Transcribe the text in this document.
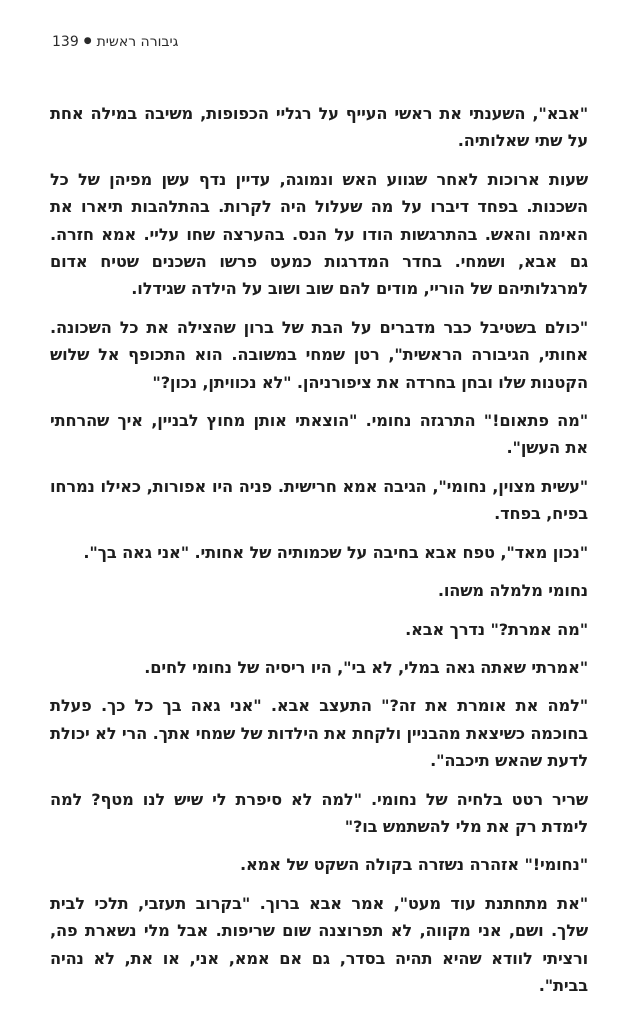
139 ● גיבורה ראשית

"אבא", השענתי את ראשי העייף על רגליי הכפופות, משיבה במילה אחת על שתי שאלותיה.

שעות ארוכות לאחר שגווע האש ונמוגה, עדיין נדף עשן מפיהן של כל השכנות. בפחד דיברו על מה שעלול היה לקרות. בהתלהבות תיארו את האימה והאש. בהתרגשות הודו על הנס. בהערצה שחו עליי. אמא חזרה. גם אבא, ושמחי. בחדר המדרגות כמעט פרשו השכנים שטיח אדום למרגלותיהם של הוריי, מודים להם שוב ושוב על הילדה שגידלו.

"כולם בשטיבל כבר מדברים על הבת של ברון שהצילה את כל השכונה. אחותי, הגיבורה הראשית", רטן שמחי במשובה. הוא התכופף אל שלוש הקטנות שלו ובחן בחרדה את ציפורניהן. "לא נכוויתן, נכון?"

"מה פתאום!" התרגזה נחומי. "הוצאתי אותן מחוץ לבניין, איך שהרחתי את העשן".

"עשית מצוין, נחומי", הגיבה אמא חרישית. פניה היו אפורות, כאילו נמרחו בפיח, בפחד.

"נכון מאד", טפח אבא בחיבה על שכמותיה של אחותי. "אני גאה בך".

נחומי מלמלה משהו.

"מה אמרת?" נדרך אבא.

"אמרתי שאתה גאה במלי, לא בי", היו ריסיה של נחומי לחים.

"למה את אומרת את זה?" התעצב אבא. "אני גאה בך כל כך. פעלת בחוכמה כשיצאת מהבניין ולקחת את הילדות של שמחי אתך. הרי לא יכולת לדעת שהאש תיכבה".

שריר רטט בלחיה של נחומי. "למה לא סיפרת לי שיש לנו מטף? למה לימדת רק את מלי להשתמש בו?"

"נחומי!" אזהרה נשזרה בקולה השקט של אמא.

"את מתחתנת עוד מעט", אמר אבא ברוך. "בקרוב תעזבי, תלכי לבית שלך. ושם, אני מקווה, לא תפרוצנה שום שריפות. אבל מלי נשארת פה, ורציתי לוודא שהיא תהיה בסדר, גם אם אמא, אני, או את, לא נהיה בבית".
